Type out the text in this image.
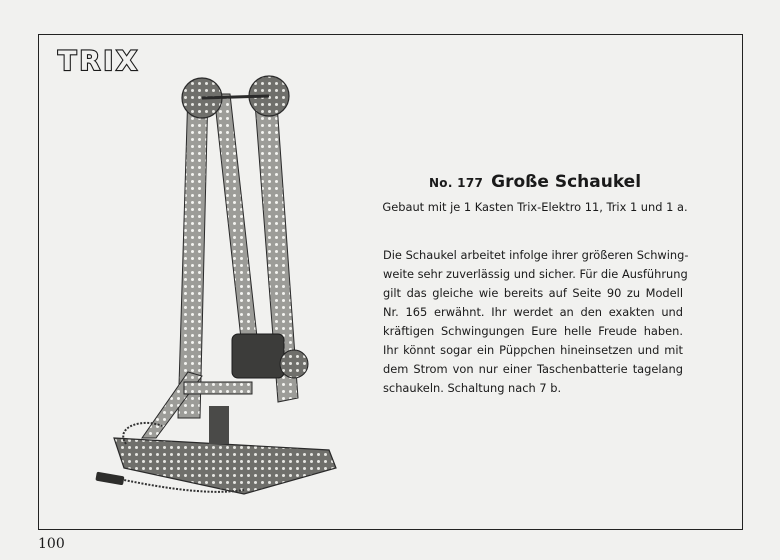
TRIX
No. 177 Große Schaukel
Gebaut mit je 1 Kasten Trix-Elektro 11, Trix 1 und 1 a.
Die Schaukel arbeitet infolge ihrer größeren Schwing-
weite sehr zuverlässig und sicher. Für die Ausführung
gilt das gleiche wie bereits auf Seite 90 zu Modell
Nr. 165 erwähnt. Ihr werdet an den exakten und
kräftigen Schwingungen Eure helle Freude haben.
Ihr könnt sogar ein Püppchen hineinsetzen und mit
dem Strom von nur einer Taschenbatterie tagelang
schaukeln. Schaltung nach 7 b.
100
